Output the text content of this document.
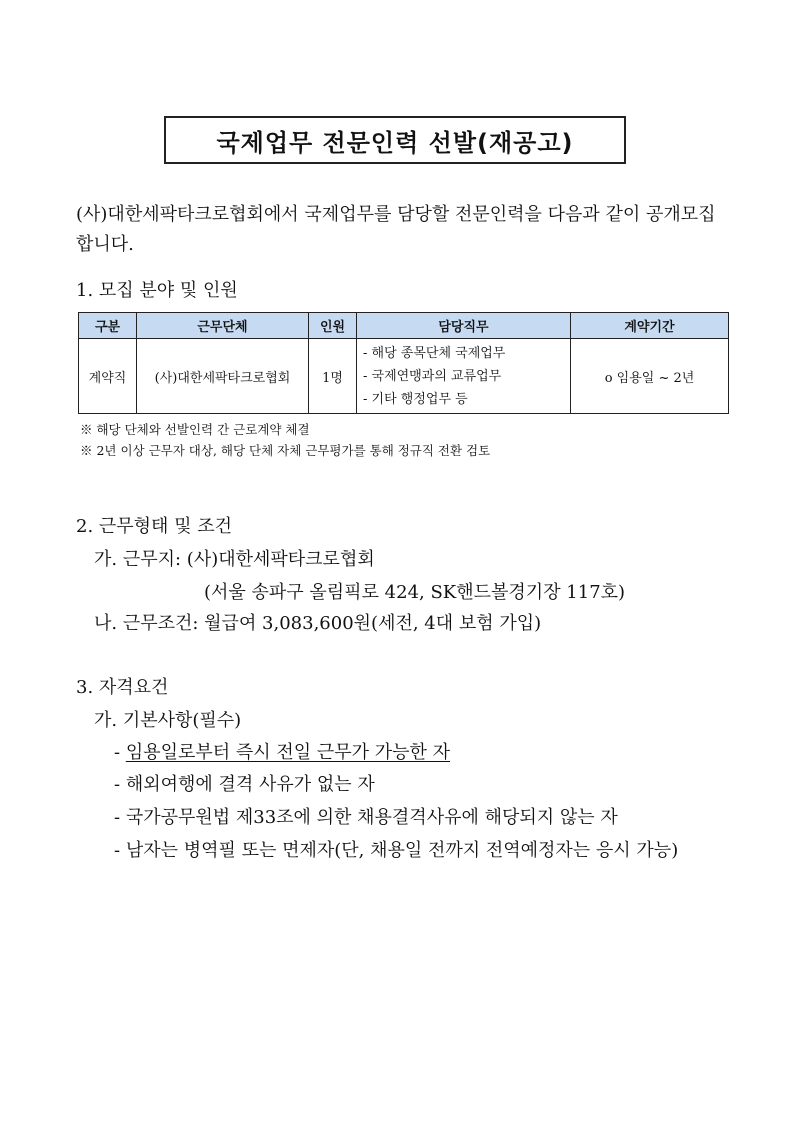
국제업무 전문인력 선발(재공고)
(사)대한세팍타크로협회에서 국제업무를 담당할 전문인력을 다음과 같이 공개모집합니다.
1. 모집 분야 및 인원
구분	근무단체	인원	담당직무	계약기간
계약직	(사)대한세팍타크로협회	1명	- 해당 종목단체 국제업무
- 국제연맹과의 교류업무
- 기타 행정업무 등	o 임용일 ~ 2년
※ 해당 단체와 선발인력 간 근로계약 체결
※ 2년 이상 근무자 대상, 해당 단체 자체 근무평가를 통해 정규직 전환 검토
2. 근무형태 및 조건
가. 근무지: (사)대한세팍타크로협회
(서울 송파구 올림픽로 424, SK핸드볼경기장 117호)
나. 근무조건: 월급여 3,083,600원(세전, 4대 보험 가입)
3. 자격요건
가. 기본사항(필수)
- 임용일로부터 즉시 전일 근무가 가능한 자
- 해외여행에 결격 사유가 없는 자
- 국가공무원법 제33조에 의한 채용결격사유에 해당되지 않는 자
- 남자는 병역필 또는 면제자(단, 채용일 전까지 전역예정자는 응시 가능)
